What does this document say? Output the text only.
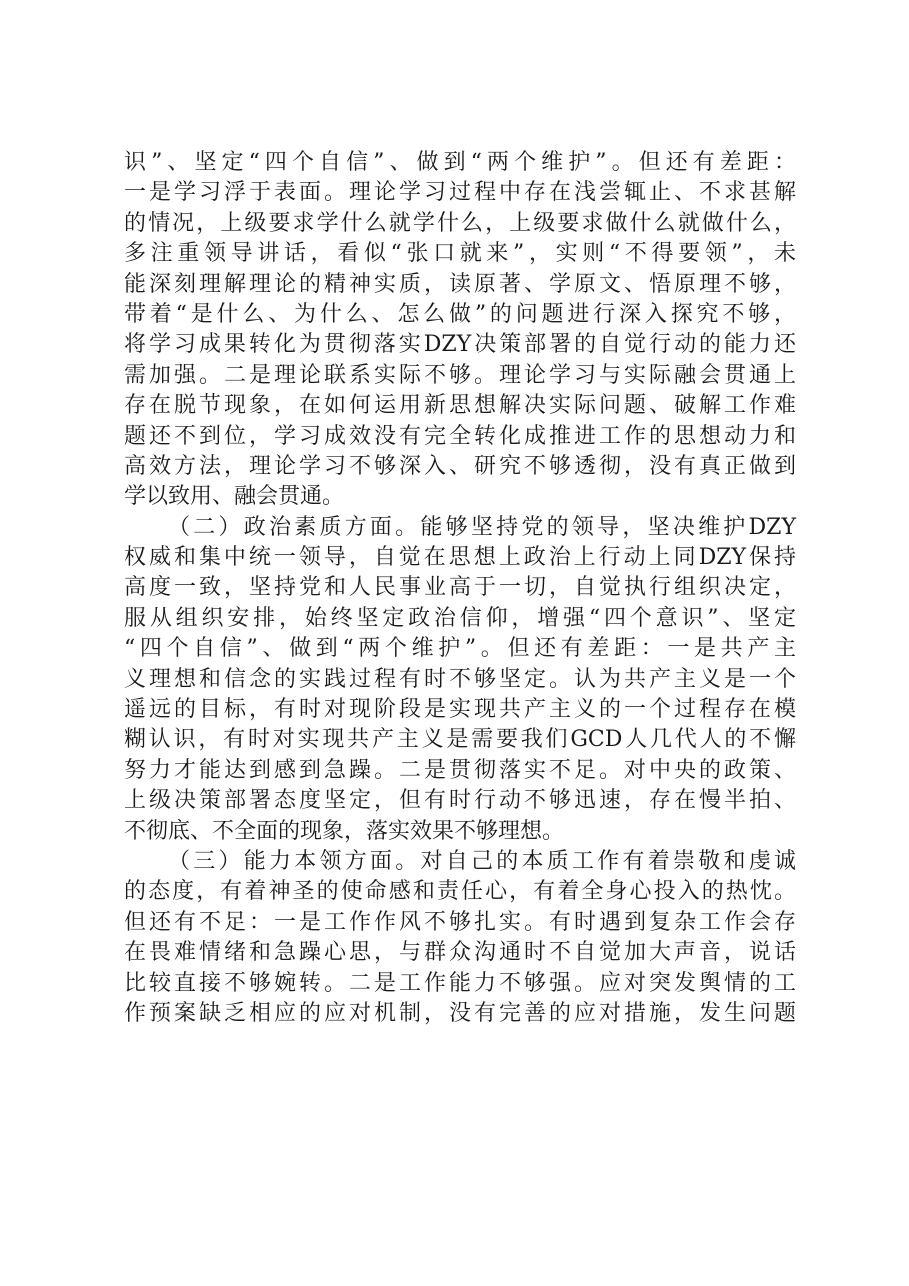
识”、坚定“四个自信”、做到“两个维护”。但还有差距：
一是学习浮于表面。理论学习过程中存在浅尝辄止、不求甚解
的情况，上级要求学什么就学什么，上级要求做什么就做什么，
多注重领导讲话，看似“张口就来”，实则“不得要领”，未
能深刻理解理论的精神实质，读原著、学原文、悟原理不够，
带着“是什么、为什么、怎么做”的问题进行深入探究不够，
将学习成果转化为贯彻落实DZY决策部署的自觉行动的能力还
需加强。二是理论联系实际不够。理论学习与实际融会贯通上
存在脱节现象，在如何运用新思想解决实际问题、破解工作难
题还不到位，学习成效没有完全转化成推进工作的思想动力和
高效方法，理论学习不够深入、研究不够透彻，没有真正做到
学以致用、融会贯通。
（二）政治素质方面。能够坚持党的领导，坚决维护DZY
权威和集中统一领导，自觉在思想上政治上行动上同DZY保持
高度一致，坚持党和人民事业高于一切，自觉执行组织决定，
服从组织安排，始终坚定政治信仰，增强“四个意识”、坚定
“四个自信”、做到“两个维护”。但还有差距：一是共产主
义理想和信念的实践过程有时不够坚定。认为共产主义是一个
遥远的目标，有时对现阶段是实现共产主义的一个过程存在模
糊认识，有时对实现共产主义是需要我们GCD人几代人的不懈
努力才能达到感到急躁。二是贯彻落实不足。对中央的政策、
上级决策部署态度坚定，但有时行动不够迅速，存在慢半拍、
不彻底、不全面的现象，落实效果不够理想。
（三）能力本领方面。对自己的本质工作有着崇敬和虔诚
的态度，有着神圣的使命感和责任心，有着全身心投入的热忱。
但还有不足：一是工作作风不够扎实。有时遇到复杂工作会存
在畏难情绪和急躁心思，与群众沟通时不自觉加大声音，说话
比较直接不够婉转。二是工作能力不够强。应对突发舆情的工
作预案缺乏相应的应对机制，没有完善的应对措施，发生问题
